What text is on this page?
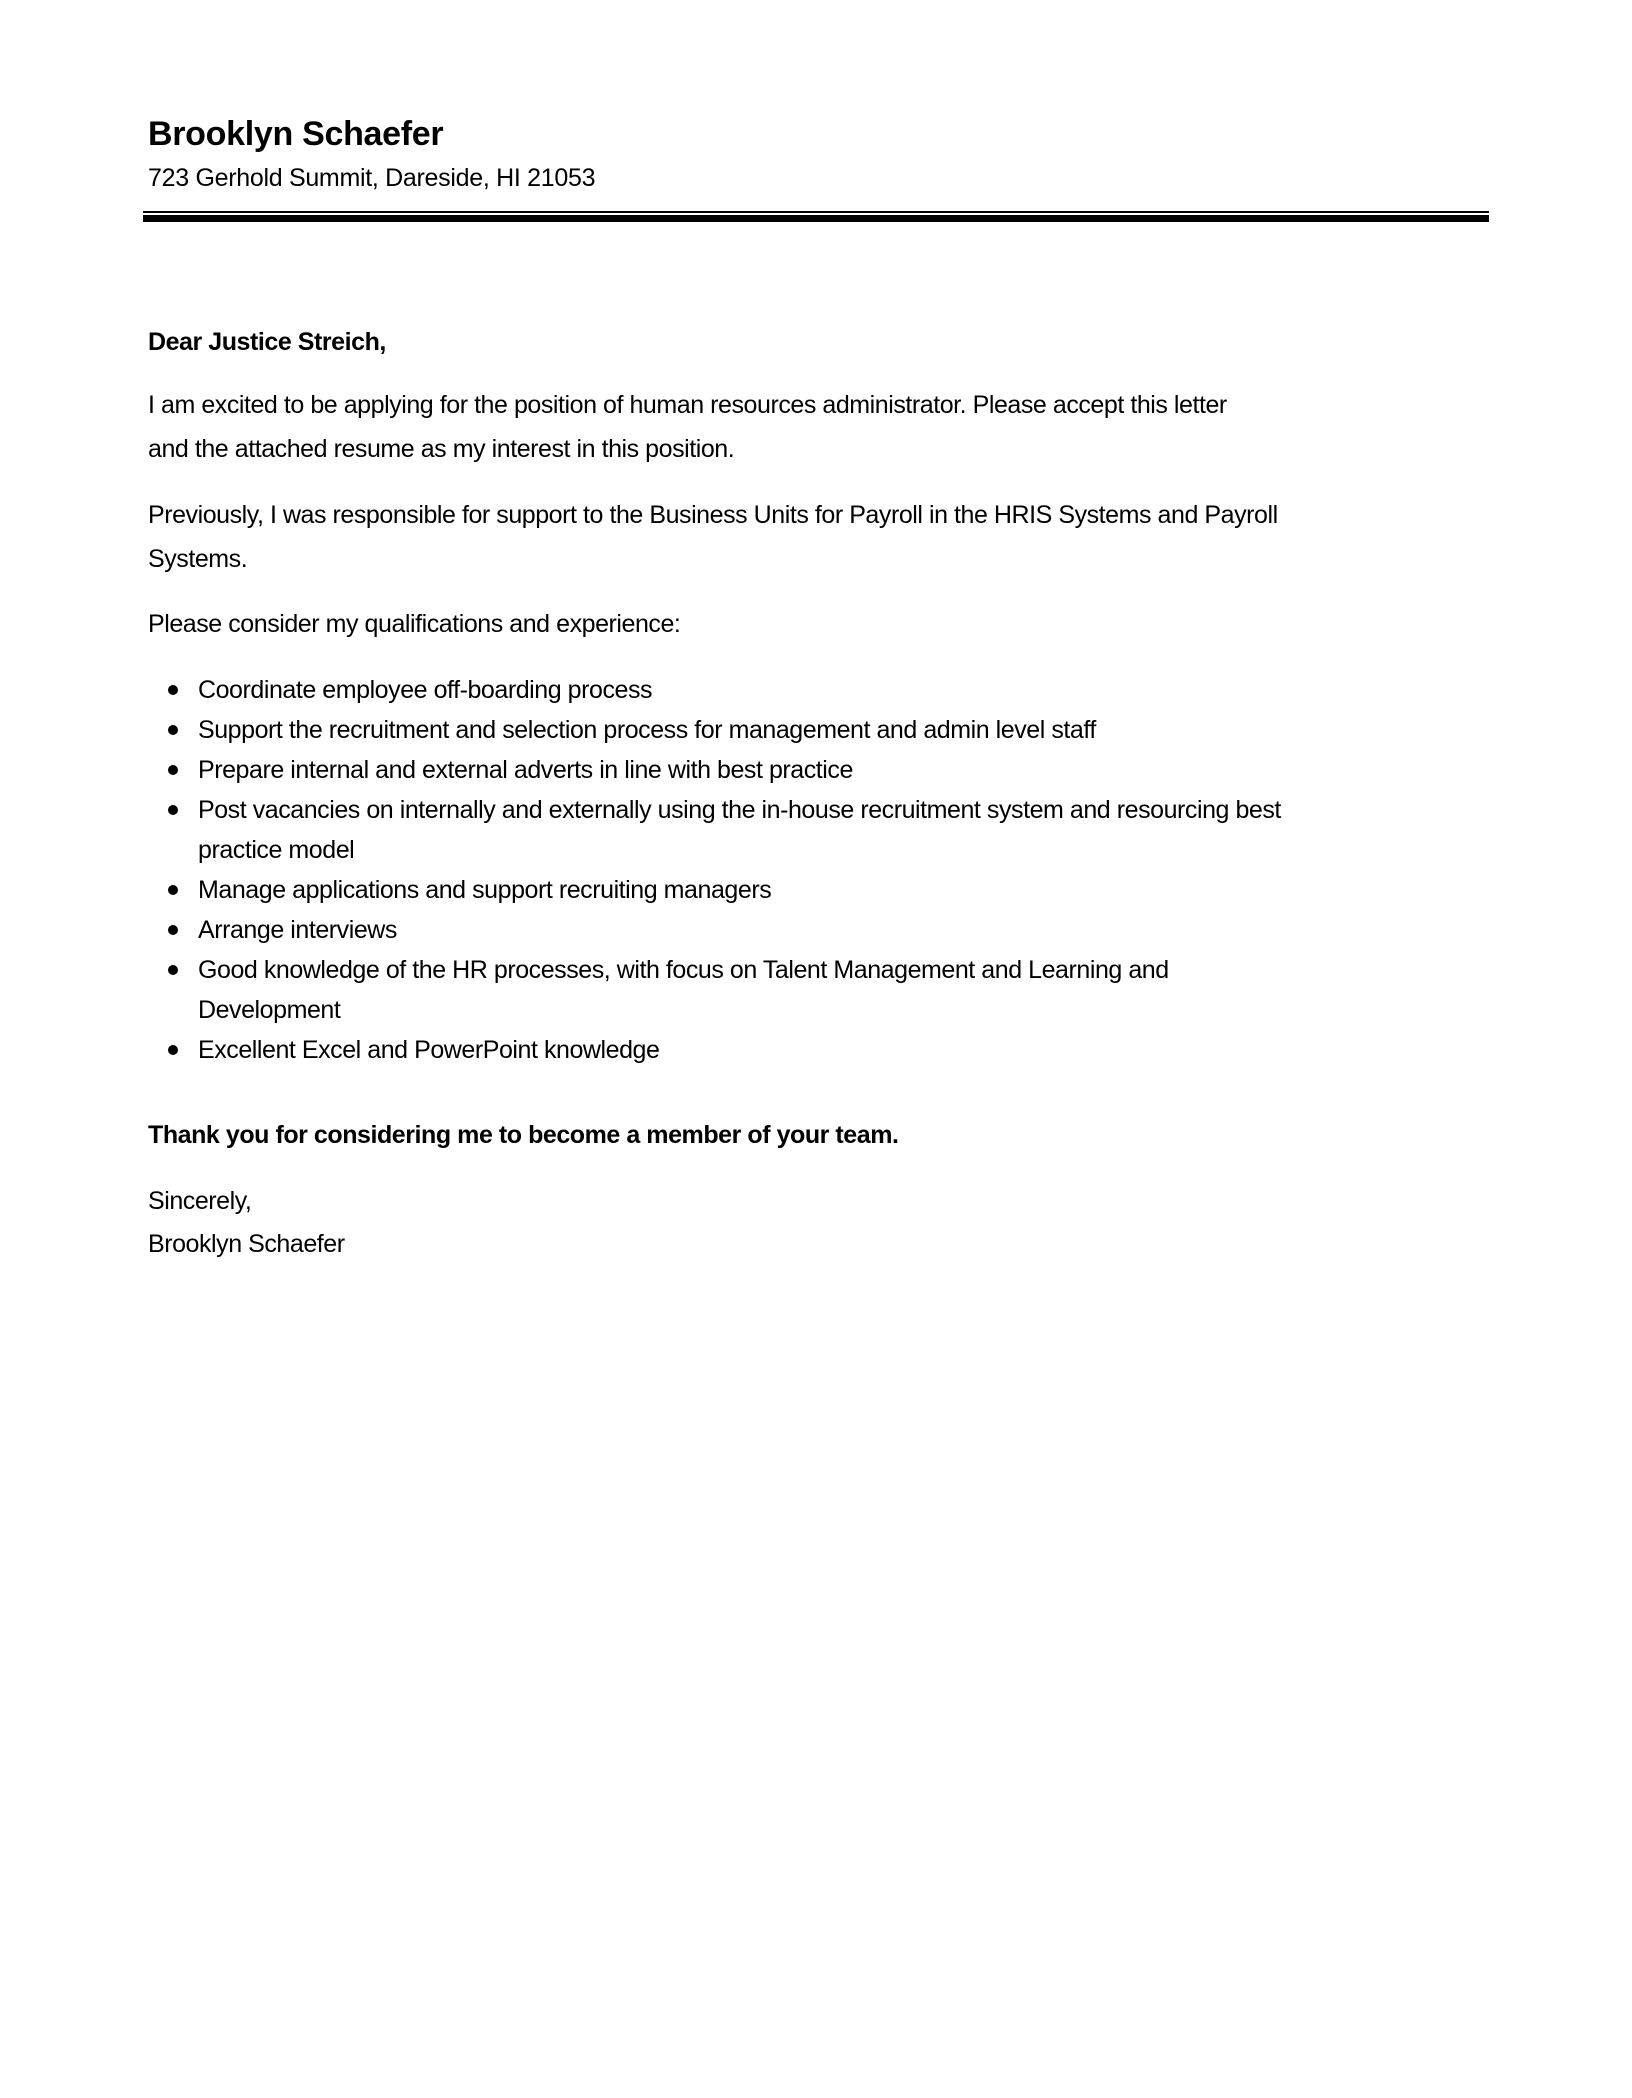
Brooklyn Schaefer
723 Gerhold Summit, Dareside, HI 21053
Dear Justice Streich,
I am excited to be applying for the position of human resources administrator. Please accept this letter
and the attached resume as my interest in this position.
Previously, I was responsible for support to the Business Units for Payroll in the HRIS Systems and Payroll
Systems.
Please consider my qualifications and experience:
Coordinate employee off-boarding process
Support the recruitment and selection process for management and admin level staff
Prepare internal and external adverts in line with best practice
Post vacancies on internally and externally using the in-house recruitment system and resourcing best
practice model
Manage applications and support recruiting managers
Arrange interviews
Good knowledge of the HR processes, with focus on Talent Management and Learning and
Development
Excellent Excel and PowerPoint knowledge
Thank you for considering me to become a member of your team.
Sincerely,
Brooklyn Schaefer
